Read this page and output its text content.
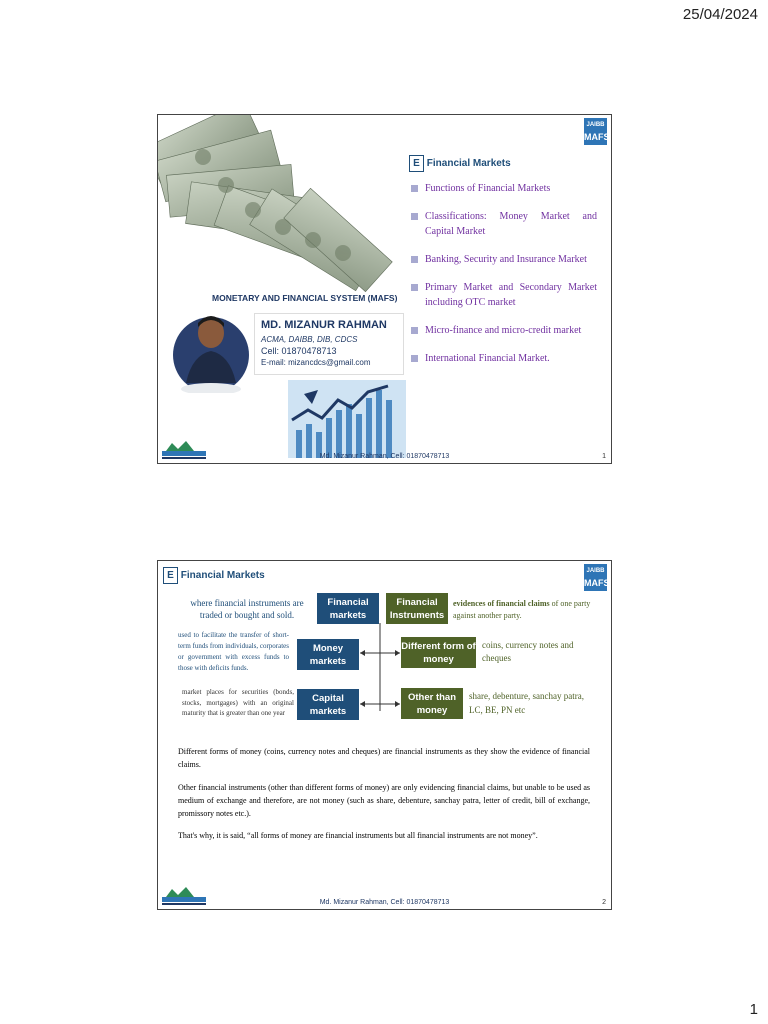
25/04/2024
JAIBB
MAFS
E Financial Markets
Functions of Financial Markets
Classifications: Money Market and Capital Market
Banking, Security and Insurance Market
Primary Market and Secondary Market including OTC market
Micro-finance and micro-credit market
International Financial Market.
MONETARY AND FINANCIAL SYSTEM (MAFS)
MD. MIZANUR RAHMAN
ACMA, DAIBB, DIB, CDCS
Cell: 01870478713
E-mail: mizancdcs@gmail.com
Md. Mizanur Rahman, Cell: 01870478713	1
E Financial Markets	JAIBB
MAFS
where financial instruments are traded or bought and sold.
Financial markets
Financial Instruments
evidences of financial claims of one party against another party.
used to facilitate the transfer of short-term funds from individuals, corporates or government with excess funds to those with deficits funds.
Money markets
Different form of money
coins, currency notes and cheques
market places for securities (bonds, stocks, mortgages) with an original maturity that is greater than one year
Capital markets
Other than money
share, debenture, sanchay patra, LC, BE, PN etc
Different forms of money (coins, currency notes and cheques) are financial instruments as they show the evidence of financial claims.
Other financial instruments (other than different forms of money) are only evidencing financial claims, but unable to be used as medium of exchange and therefore, are not money (such as share, debenture, sanchay patra, letter of credit, bill of exchange, promissory notes etc.).
That's why, it is said, “all forms of money are financial instruments but all financial instruments are not money”.
Md. Mizanur Rahman, Cell: 01870478713	2
1
